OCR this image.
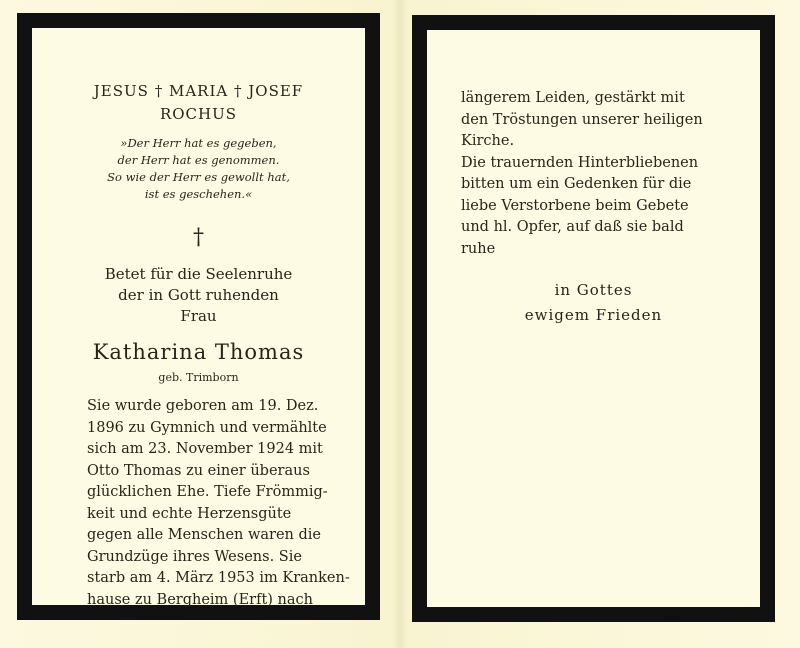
JESUS † MARIA † JOSEF
ROCHUS
»Der Herr hat es gegeben,
der Herr hat es genommen.
So wie der Herr es gewollt hat,
ist es geschehen.«
†
Betet für die Seelenruhe
der in Gott ruhenden
Frau
Katharina Thomas
geb. Trimborn
Sie wurde geboren am 19. Dez.
1896 zu Gymnich und vermählte
sich am 23. November 1924 mit
Otto Thomas zu einer überaus
glücklichen Ehe. Tiefe Frömmig-
keit und echte Herzensgüte
gegen alle Menschen waren die
Grundzüge ihres Wesens. Sie
starb am 4. März 1953 im Kranken-
hause zu Bergheim (Erft) nach
längerem Leiden, gestärkt mit
den Tröstungen unserer heiligen
Kirche.
Die trauernden Hinterbliebenen
bitten um ein Gedenken für die
liebe Verstorbene beim Gebete
und hl. Opfer, auf daß sie bald
ruhe
in Gottes
ewigem Frieden
